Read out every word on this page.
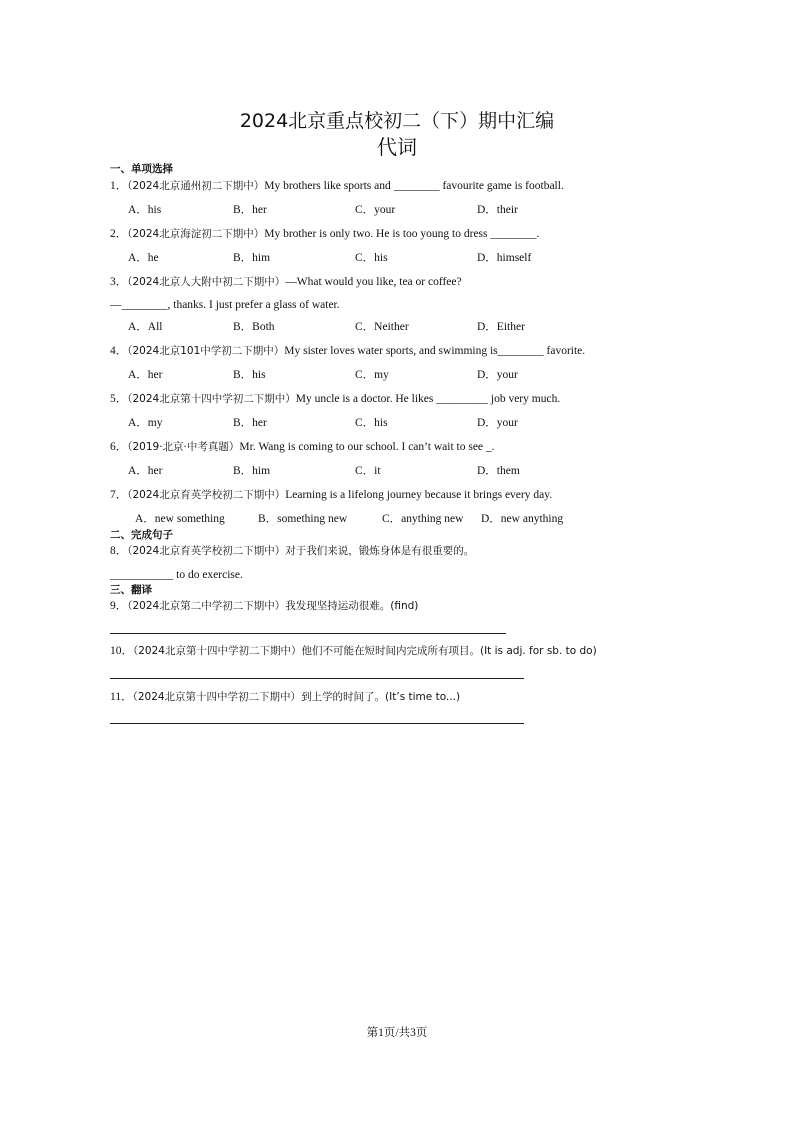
2024北京重点校初二（下）期中汇编
代词
一、单项选择
1．（2024北京通州初二下期中）My brothers like sports and ________ favourite game is football.
A．his	B．her	C．your	D．their
2．（2024北京海淀初二下期中）My brother is only two. He is too young to dress ________.
A．he	B．him	C．his	D．himself
3．（2024北京人大附中初二下期中）—What would you like, tea or coffee?
—________, thanks. I just prefer a glass of water.
A．All	B．Both	C．Neither	D．Either
4．（2024北京101中学初二下期中）My sister loves water sports, and swimming is________ favorite.
A．her	B．his	C．my	D．your
5．（2024北京第十四中学初二下期中）My uncle is a doctor. He likes _________ job very much.
A．my	B．her	C．his	D．your
6．（2019·北京·中考真题）Mr. Wang is coming to our school. I can’t wait to see _.
A．her	B．him	C．it	D．them
7．（2024北京育英学校初二下期中）Learning is a lifelong journey because it brings every day.
A．new something	B．something new	C．anything new D．new anything
二、完成句子
8．（2024北京育英学校初二下期中）对于我们来说，锻炼身体是有很重要的。
___________ to do exercise.
三、翻译
9．（2024北京第二中学初二下期中）我发现坚持运动很难。(find)
10．（2024北京第十四中学初二下期中）他们不可能在短时间内完成所有项目。(It is adj. for sb. to do)
11．（2024北京第十四中学初二下期中）到上学的时间了。(It’s time to...)
第1页/共3页
